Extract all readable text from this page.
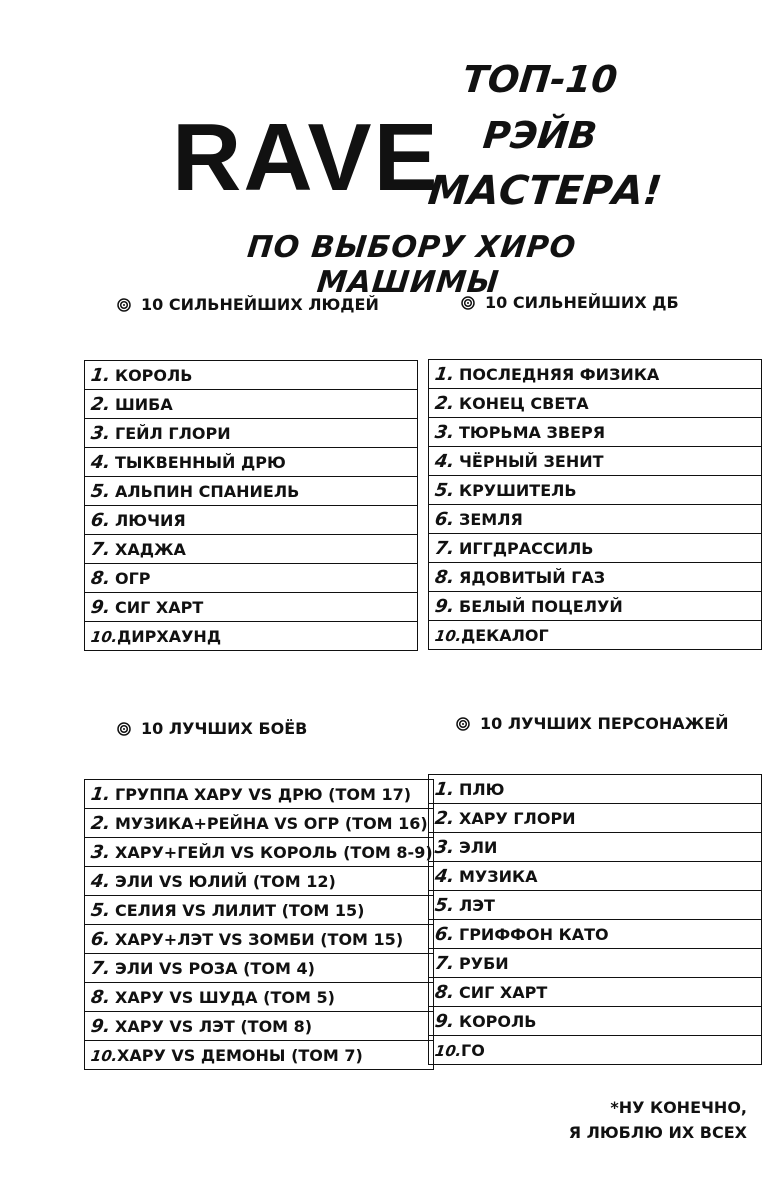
RAVE
ТОП-10
РЭЙВ
МАСТЕРА!
ПО ВЫБОРУ ХИРО МАШИМЫ
10 СИЛЬНЕЙШИХ ЛЮДЕЙ
1. КОРОЛЬ
2. ШИБА
3. ГЕЙЛ ГЛОРИ
4. ТЫКВЕННЫЙ ДРЮ
5. АЛЬПИН СПАНИЕЛЬ
6. ЛЮЧИЯ
7. ХАДЖА
8. ОГР
9. СИГ ХАРТ
10.ДИРХАУНД
10 СИЛЬНЕЙШИХ ДБ
1. ПОСЛЕДНЯЯ ФИЗИКА
2. КОНЕЦ СВЕТА
3. ТЮРЬМА ЗВЕРЯ
4. ЧЁРНЫЙ ЗЕНИТ
5. КРУШИТЕЛЬ
6. ЗЕМЛЯ
7. ИГГДРАССИЛЬ
8. ЯДОВИТЫЙ ГАЗ
9. БЕЛЫЙ ПОЦЕЛУЙ
10.ДЕКАЛОГ
10 ЛУЧШИХ БОЁВ
1. ГРУППА ХАРУ VS ДРЮ (ТОМ 17)
2. МУЗИКА+РЕЙНА VS ОГР (ТОМ 16)
3. ХАРУ+ГЕЙЛ VS КОРОЛЬ (ТОМ 8-9)
4. ЭЛИ VS ЮЛИЙ (ТОМ 12)
5. СЕЛИЯ VS ЛИЛИТ (ТОМ 15)
6. ХАРУ+ЛЭТ VS ЗОМБИ (ТОМ 15)
7. ЭЛИ VS РОЗА (ТОМ 4)
8. ХАРУ VS ШУДА (ТОМ 5)
9. ХАРУ VS ЛЭТ (ТОМ 8)
10.ХАРУ VS ДЕМОНЫ (ТОМ 7)
10 ЛУЧШИХ ПЕРСОНАЖЕЙ
1. ПЛЮ
2. ХАРУ ГЛОРИ
3. ЭЛИ
4. МУЗИКА
5. ЛЭТ
6. ГРИФФОН КАТО
7. РУБИ
8. СИГ ХАРТ
9. КОРОЛЬ
10.ГО
*НУ КОНЕЧНО,
Я ЛЮБЛЮ ИХ ВСЕХ
